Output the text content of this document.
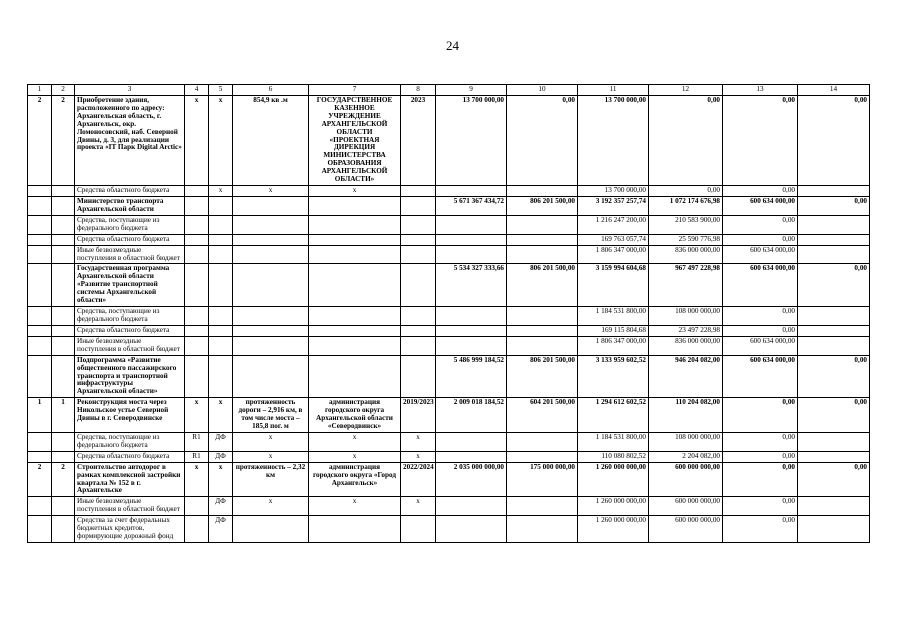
24
1	2	3	4	5	6	7	8	9	10	11	12	13	14
2	2	Приобретение здания, расположенного по адресу: Архангельская область, г. Архангельск, окр. Ломоносовский, наб. Северной Двины, д. 3, для реализации проекта «IT Парк Digital Arctic»	х	х	854,9 кв .м	ГОСУДАРСТВЕННОЕ КАЗЕННОЕ УЧРЕЖДЕНИЕ АРХАНГЕЛЬСКОЙ ОБЛАСТИ «ПРОЕКТНАЯ ДИРЕКЦИЯ МИНИСТЕРСТВА ОБРАЗОВАНИЯ АРХАНГЕЛЬСКОЙ ОБЛАСТИ»	2023	13 700 000,00	0,00	13 700 000,00	0,00	0,00	0,00
		Средства областного бюджета		х	х	х				13 700 000,00	0,00	0,00	
		Министерство транспорта Архангельской области						5 671 367 434,72	806 201 500,00	3 192 357 257,74	1 072 174 676,98	600 634 000,00	0,00
		Средства, поступающие из федерального бюджета								1 216 247 200,00	210 583 900,00	0,00	
		Средства областного бюджета								169 763 057,74	25 590 776,98	0,00	
		Иные безвозмездные поступления в областной бюджет								1 806 347 000,00	836 000 000,00	600 634 000,00	
		Государственная программа Архангельской области «Развитие транспортной системы Архангельской области»						5 534 327 333,66	806 201 500,00	3 159 994 604,68	967 497 228,98	600 634 000,00	0,00
		Средства, поступающие из федерального бюджета								1 184 531 800,00	108 000 000,00	0,00	
		Средства областного бюджета								169 115 804,68	23 497 228,98	0,00	
		Иные безвозмездные поступления в областной бюджет								1 806 347 000,00	836 000 000,00	600 634 000,00	
		Подпрограмма «Развитие общественного пассажирского транспорта и транспортной инфраструктуры Архангельской области»						5 486 999 184,52	806 201 500,00	3 133 959 602,52	946 204 082,00	600 634 000,00	0,00
1	1	Реконструкция моста через Никольское устье Северной Двины в г. Северодвинске	х	х	протяженность дороги – 2,916 км, в том числе моста – 185,8 пог. м	администрация городского округа Архангельской области «Северодвинск»	2019/2023	2 009 018 184,52	604 201 500,00	1 294 612 602,52	110 204 082,00	0,00	0,00
		Средства, поступающие из федерального бюджета	R1	ДФ	х	х	х			1 184 531 800,00	108 000 000,00	0,00	
		Средства областного бюджета	R1	ДФ	х	х	х			110 080 802,52	2 204 082,00	0,00	
2	2	Строительство автодорог в рамках комплексной застройки квартала № 152 в г. Архангельске	х	х	протяженность – 2,32 км	администрация городского округа «Город Архангельск»	2022/2024	2 035 000 000,00	175 000 000,00	1 260 000 000,00	600 000 000,00	0,00	0,00
		Иные безвозмездные поступления в областной бюджет		ДФ	х	х	х			1 260 000 000,00	600 000 000,00	0,00	
		Средства за счет федеральных бюджетных кредитов, формирующие дорожный фонд		ДФ						1 260 000 000,00	600 000 000,00	0,00	
